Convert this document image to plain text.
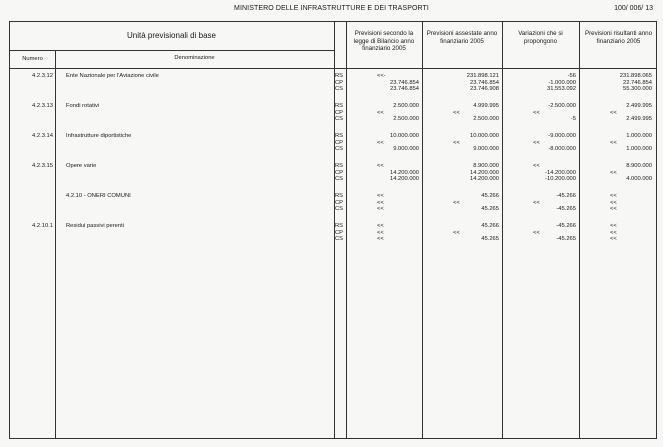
MINISTERO DELLE INFRASTRUTTURE E DEI TRASPORTI	100/ 006/ 13
Unità previsionali di base
Numero	Denominazione
Previsioni secondo la legge di Bilancio anno finanziario 2005
Previsioni assestate anno finanziario 2005
Variazioni che si propongono
Previsioni risultanti anno finanziario 2005
4.2.3.12 Ente Nazionale per l'Aviazione civile	RS	<<-	231.898.121	-56	231.898.065
CP	23.746.854	23.746.854	-1.000.000	22.746.854
CS	23.746.854	23.746.908	31.553.092	55.300.000
4.2.3.13 Fondi rotativi	RS	2.500.000	4.999.995	-2.500.000	2.499.995
CP	<<	<<	<<	<<
CS	2.500.000	2.500.000	-5	2.499.995
4.2.3.14 Infrastrutture diportistiche	RS	10.000.000	10.000.000	-9.000.000	1.000.000
CP	<<	<<	<<	<<
CS	9.000.000	9.000.000	-8.000.000	1.000.000
4.2.3.15 Opere varie	RS	<<	8.900.000	<<	8.900.000
CP	14.200.000	14.200.000	-14.200.000	<<
CS	14.200.000	14.200.000	-10.200.000	4.000.000
4.2.10 - ONERI COMUNI	RS	<<	45.266	-45.266	<<
CP	<<	<<	<<	<<
CS	<<	45.265	-45.265	<<
4.2.10.1 Residui passivi perenti	RS	<<	45.266	-45.266	<<
CP	<<	<<	<<	<<
CS	<<	45.265	-45.265	<<
